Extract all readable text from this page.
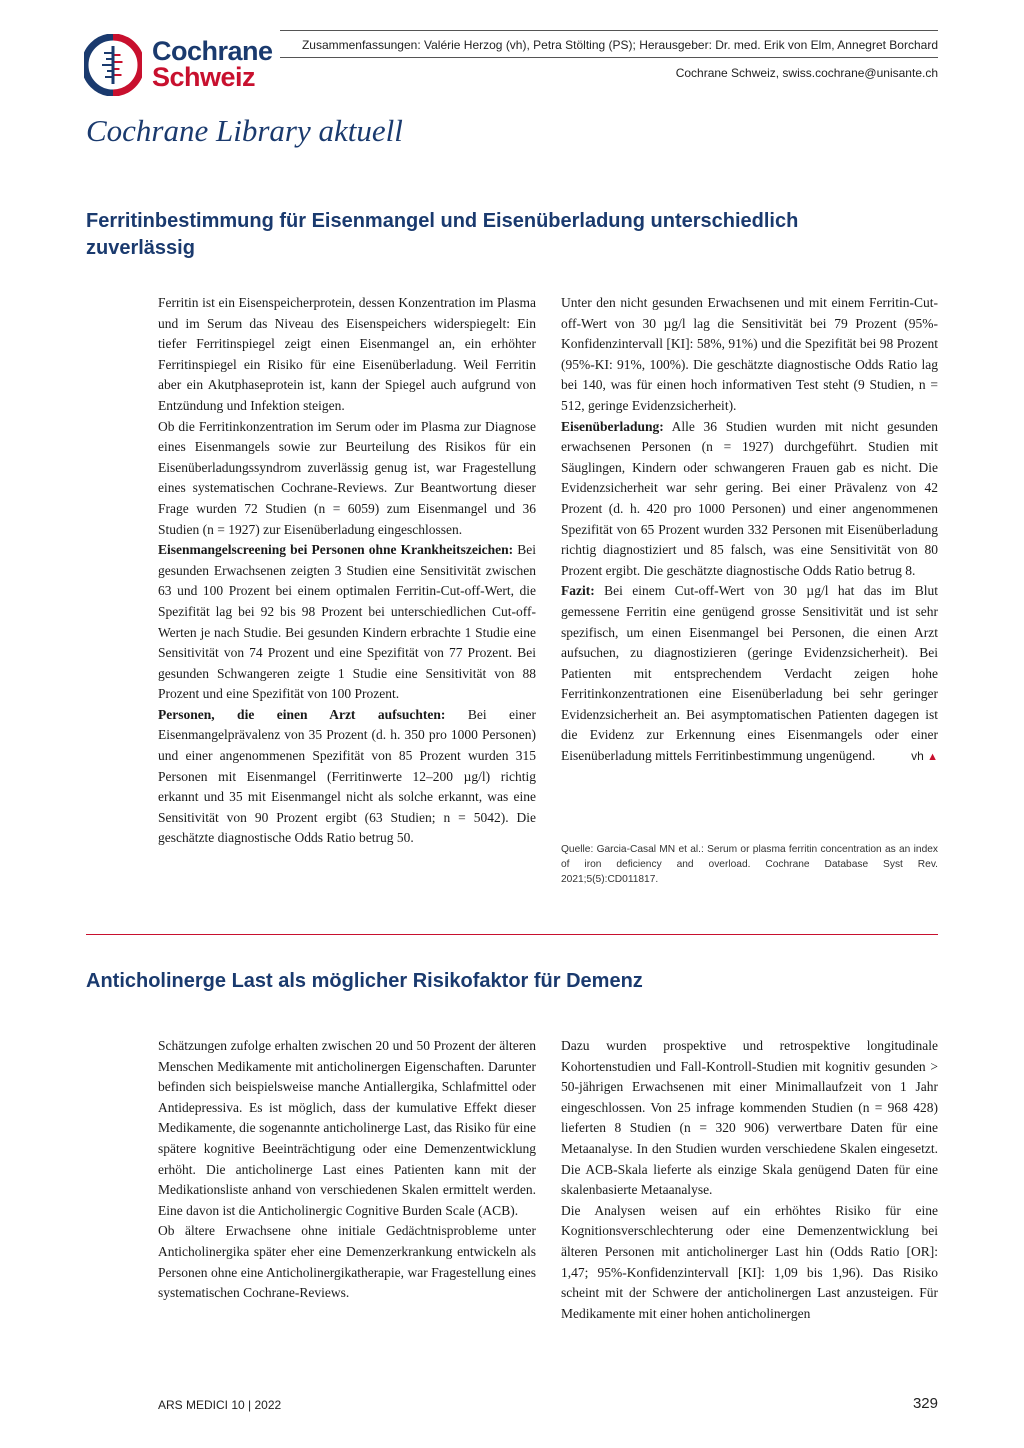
Cochrane
Schweiz
Zusammenfassungen: Valérie Herzog (vh), Petra Stölting (PS); Herausgeber: Dr. med. Erik von Elm, Annegret Borchard
Cochrane Schweiz, swiss.cochrane@unisante.ch
Cochrane Library aktuell
Ferritinbestimmung für Eisenmangel und Eisenüberladung unterschiedlich zuverlässig

Ferritin ist ein Eisenspeicherprotein, dessen Konzentration im Plasma und im Serum das Niveau des Eisenspeichers widerspiegelt: Ein tiefer Ferritinspiegel zeigt einen Eisenmangel an, ein erhöhter Ferritinspiegel ein Risiko für eine Eisenüberladung. Weil Ferritin aber ein Akutphaseprotein ist, kann der Spiegel auch aufgrund von Entzündung und Infektion steigen.

Ob die Ferritinkonzentration im Serum oder im Plasma zur Diagnose eines Eisenmangels sowie zur Beurteilung des Risikos für ein Eisenüberladungssyndrom zuverlässig genug ist, war Fragestellung eines systematischen Cochrane-Reviews. Zur Beantwortung dieser Frage wurden 72 Studien (n = 6059) zum Eisenmangel und 36 Studien (n = 1927) zur Eisenüberladung eingeschlossen.

Eisenmangelscreening bei Personen ohne Krankheitszeichen: Bei gesunden Erwachsenen zeigten 3 Studien eine Sensitivität zwischen 63 und 100 Prozent bei einem optimalen Ferritin-Cut-off-Wert, die Spezifität lag bei 92 bis 98 Prozent bei unterschiedlichen Cut-off-Werten je nach Studie. Bei gesunden Kindern erbrachte 1 Studie eine Sensitivität von 74 Prozent und eine Spezifität von 77 Prozent. Bei gesunden Schwangeren zeigte 1 Studie eine Sensitivität von 88 Prozent und eine Spezifität von 100 Prozent.

Personen, die einen Arzt aufsuchten: Bei einer Eisenmangelprävalenz von 35 Prozent (d. h. 350 pro 1000 Personen) und einer angenommenen Spezifität von 85 Prozent wurden 315 Personen mit Eisenmangel (Ferritinwerte 12–200 µg/l) richtig erkannt und 35 mit Eisenmangel nicht als solche erkannt, was eine Sensitivität von 90 Prozent ergibt (63 Studien; n = 5042). Die geschätzte diagnostische Odds Ratio betrug 50.

Unter den nicht gesunden Erwachsenen und mit einem Ferritin-Cut-off-Wert von 30 µg/l lag die Sensitivität bei 79 Prozent (95%-Konfidenzintervall [KI]: 58%, 91%) und die Spezifität bei 98 Prozent (95%-KI: 91%, 100%). Die geschätzte diagnostische Odds Ratio lag bei 140, was für einen hoch informativen Test steht (9 Studien, n = 512, geringe Evidenzsicherheit).

Eisenüberladung: Alle 36 Studien wurden mit nicht gesunden erwachsenen Personen (n = 1927) durchgeführt. Studien mit Säuglingen, Kindern oder schwangeren Frauen gab es nicht. Die Evidenzsicherheit war sehr gering. Bei einer Prävalenz von 42 Prozent (d. h. 420 pro 1000 Personen) und einer angenommenen Spezifität von 65 Prozent wurden 332 Personen mit Eisenüberladung richtig diagnostiziert und 85 falsch, was eine Sensitivität von 80 Prozent ergibt. Die geschätzte diagnostische Odds Ratio betrug 8.

Fazit: Bei einem Cut-off-Wert von 30 µg/l hat das im Blut gemessene Ferritin eine genügend grosse Sensitivität und ist sehr spezifisch, um einen Eisenmangel bei Personen, die einen Arzt aufsuchen, zu diagnostizieren (geringe Evidenzsicherheit). Bei Patienten mit entsprechendem Verdacht zeigen hohe Ferritinkonzentrationen eine Eisenüberladung bei sehr geringer Evidenzsicherheit an. Bei asymptomatischen Patienten dagegen ist die Evidenz zur Erkennung eines Eisenmangels oder einer Eisenüberladung mittels Ferritinbestimmung ungenügend.	vh ▲

Quelle: Garcia-Casal MN et al.: Serum or plasma ferritin concentration as an index of iron deficiency and overload. Cochrane Database Syst Rev. 2021;5(5):CD011817.
Anticholinerge Last als möglicher Risikofaktor für Demenz

Schätzungen zufolge erhalten zwischen 20 und 50 Prozent der älteren Menschen Medikamente mit anticholinergen Eigenschaften. Darunter befinden sich beispielsweise manche Antiallergika, Schlafmittel oder Antidepressiva. Es ist möglich, dass der kumulative Effekt dieser Medikamente, die sogenannte anticholinerge Last, das Risiko für eine spätere kognitive Beeinträchtigung oder eine Demenzentwicklung erhöht. Die anticholinerge Last eines Patienten kann mit der Medikationsliste anhand von verschiedenen Skalen ermittelt werden. Eine davon ist die Anticholinergic Cognitive Burden Scale (ACB).

Ob ältere Erwachsene ohne initiale Gedächtnisprobleme unter Anticholinergika später eher eine Demenzerkrankung entwickeln als Personen ohne eine Anticholinergikatherapie, war Fragestellung eines systematischen Cochrane-Reviews.

Dazu wurden prospektive und retrospektive longitudinale Kohortenstudien und Fall-Kontroll-Studien mit kognitiv gesunden > 50-jährigen Erwachsenen mit einer Minimallaufzeit von 1 Jahr eingeschlossen. Von 25 infrage kommenden Studien (n = 968 428) lieferten 8 Studien (n = 320 906) verwertbare Daten für eine Metaanalyse. In den Studien wurden verschiedene Skalen eingesetzt. Die ACB-Skala lieferte als einzige Skala genügend Daten für eine skalenbasierte Metaanalyse.

Die Analysen weisen auf ein erhöhtes Risiko für eine Kognitionsverschlechterung oder eine Demenzentwicklung bei älteren Personen mit anticholinerger Last hin (Odds Ratio [OR]: 1,47; 95%-Konfidenzintervall [KI]: 1,09 bis 1,96). Das Risiko scheint mit der Schwere der anticholinergen Last anzusteigen. Für Medikamente mit einer hohen anticholinergen

ARS MEDICI 10 | 2022	329
